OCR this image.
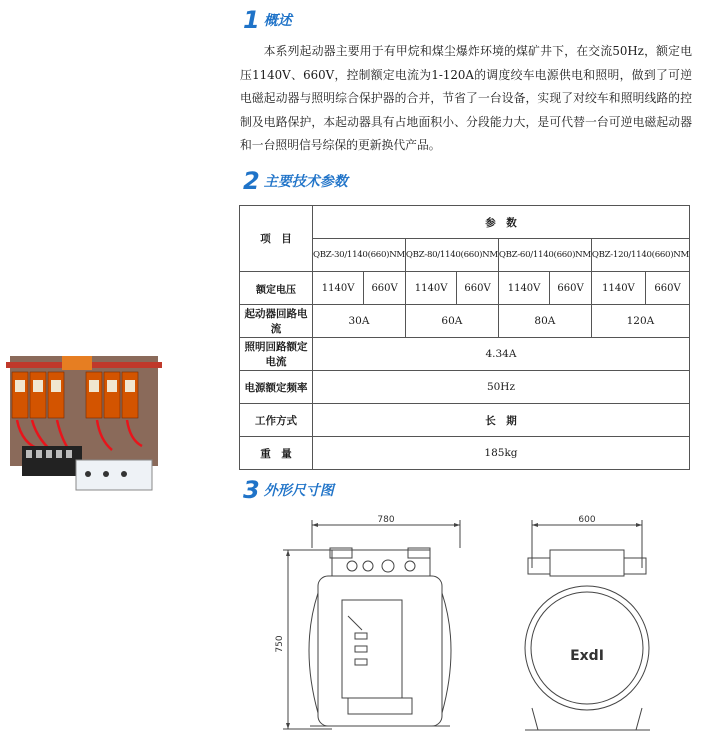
1 概述
本系列起动器主要用于有甲烷和煤尘爆炸环境的煤矿井下，在交流50Hz，额定电压1140V、660V，控制额定电流为1-120A的调度绞车电源供电和照明，做到了可逆电磁起动器与照明综合保护器的合并，节省了一台设备，实现了对绞车和照明线路的控制及电路保护，本起动器具有占地面积小、分段能力大，是可代替一台可逆电磁起动器和一台照明信号综保的更新换代产品。
2 主要技术参数
项　目	参　数							
	QBZ-30/1140(660)NM		QBZ-80/1140(660)NM		QBZ-60/1140(660)NM		QBZ-120/1140(660)NM	
额定电压	1140V	660V	1140V	660V	1140V	660V	1140V	660V
起动器回路电流	30A		60A		80A		120A	
照明回路额定电流	4.34A							
电源额定频率	50Hz							
工作方式	长　期							
重　量	185kg							
3 外形尺寸图
780	600
750
ExdI
